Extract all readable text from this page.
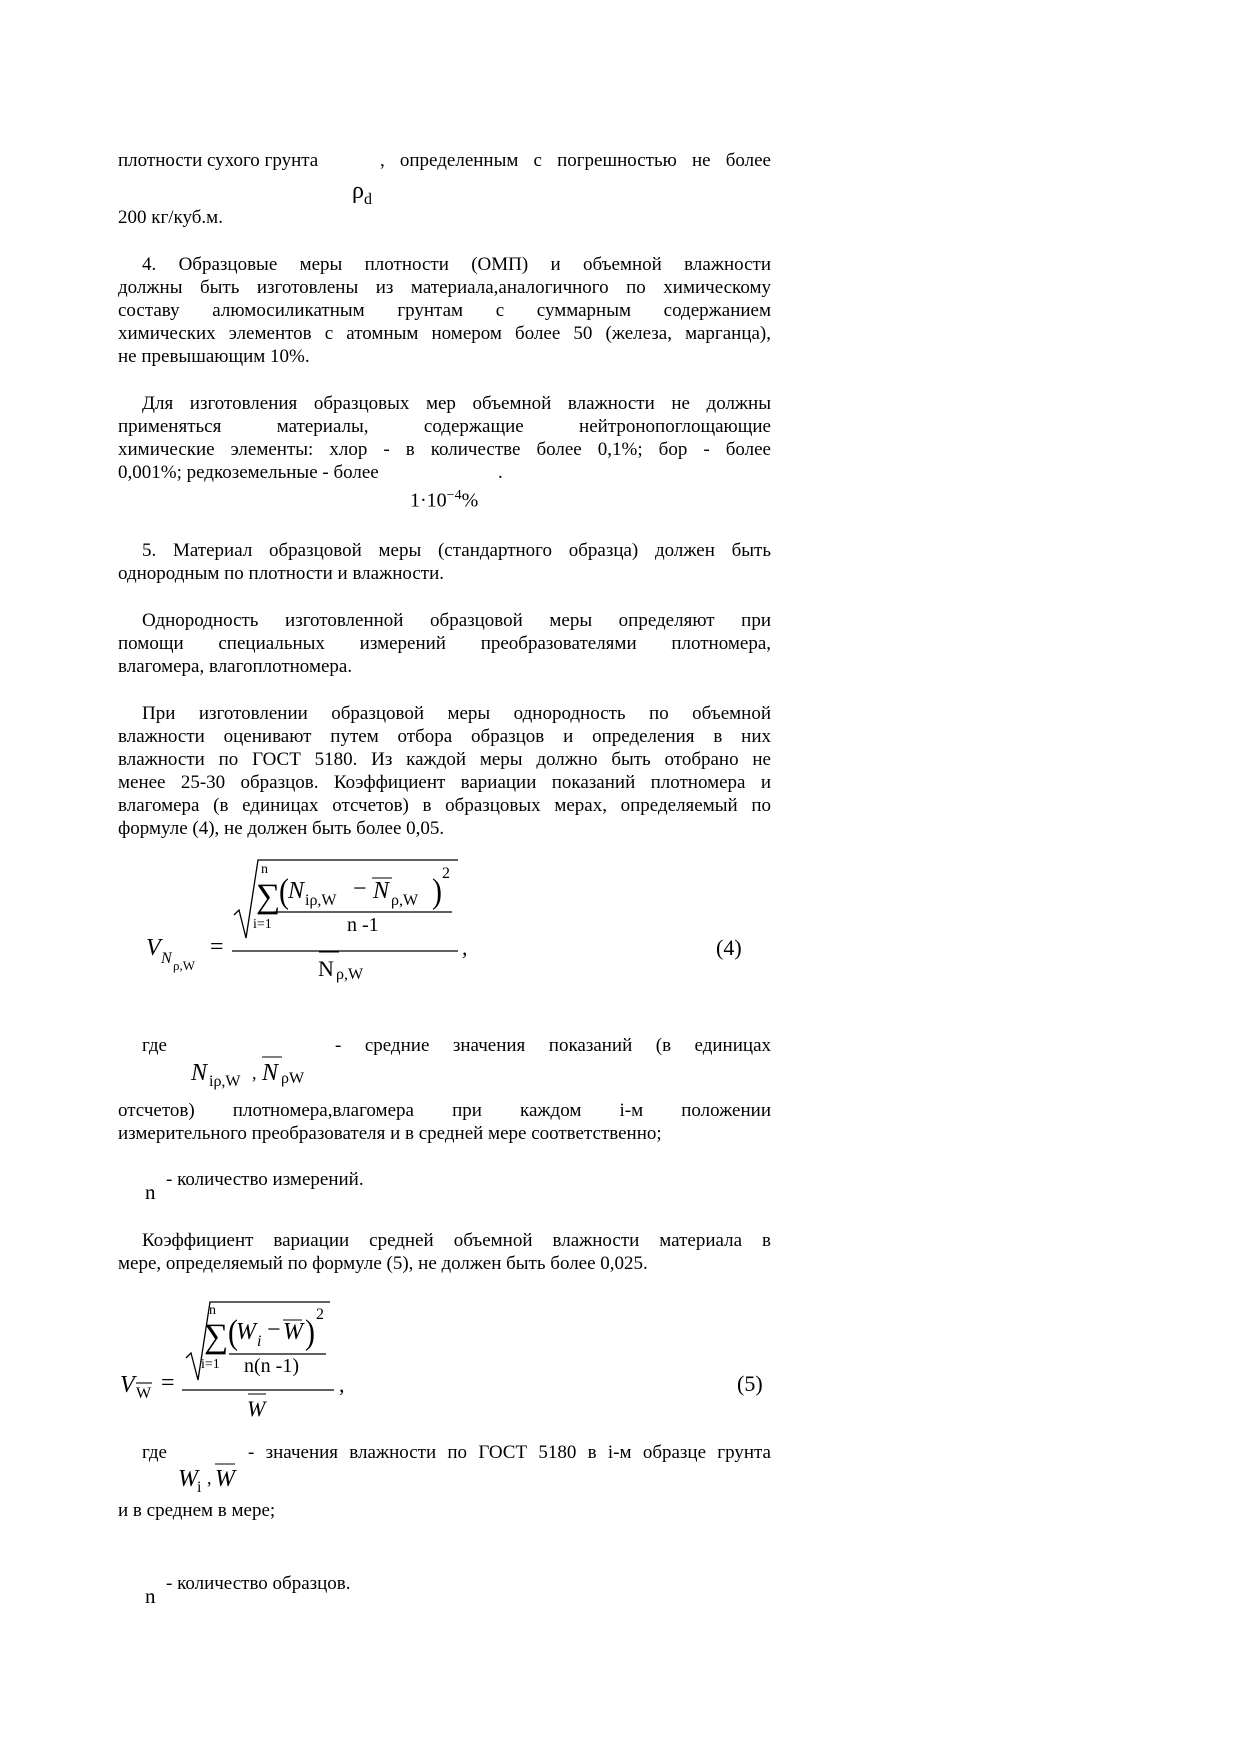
плотности сухого грунта	, определенным с погрешностью не более
$\rho_d$
200 кг/куб.м.
4. Образцовые меры плотности (ОМП) и объемной влажности
должны быть изготовлены из материала,аналогичного по химическому
составу алюмосиликатным грунтам с суммарным содержанием
химических элементов с атомным номером более 50 (железа, марганца),
не превышающим 10%.
Для изготовления образцовых мер объемной влажности не должны
применяться материалы, содержащие нейтронопоглощающие
химические элементы: хлор - в количестве более 0,1%; бор - более
0,001%; редкоземельные - более	.
$1\cdot 10^{-4}\%$
5. Материал образцовой меры (стандартного образца) должен быть
однородным по плотности и влажности.
Однородность изготовленной образцовой меры определяют при
помощи специальных измерений преобразователями плотномера,
влагомера, влагоплотномера.
При изготовлении образцовой меры однородность по объемной
влажности оценивают путем отбора образцов и определения в них
влажности по ГОСТ 5180. Из каждой меры должно быть отобрано не
менее 25-30 образцов. Коэффициент вариации показаний плотномера и
влагомера (в единицах отсчетов) в образцовых мерах, определяемый по
формуле (4), не должен быть более 0,05.
V N ρ,W
=
∑
n
i=1
( N iρ,W − N ρ,W ) 2
n -1
N ρ,W
,	(4)
где	- средние значения показаний (в единицах
N iρ,W , N ρW
отсчетов) плотномера,влагомера при каждом i-м положении
измерительного преобразователя и в средней мере соответственно;
n
- количество измерений.
Коэффициент вариации средней объемной влажности материала в
мере, определяемый по формуле (5), не должен быть более 0,025.
V W =
∑
n
i=1
(
W i − W ) 2
n(n -1)
W
,	(5)
где	- значения влажности по ГОСТ 5180 в i-м образце грунта
W i , W
и в среднем в мере;
n
- количество образцов.
